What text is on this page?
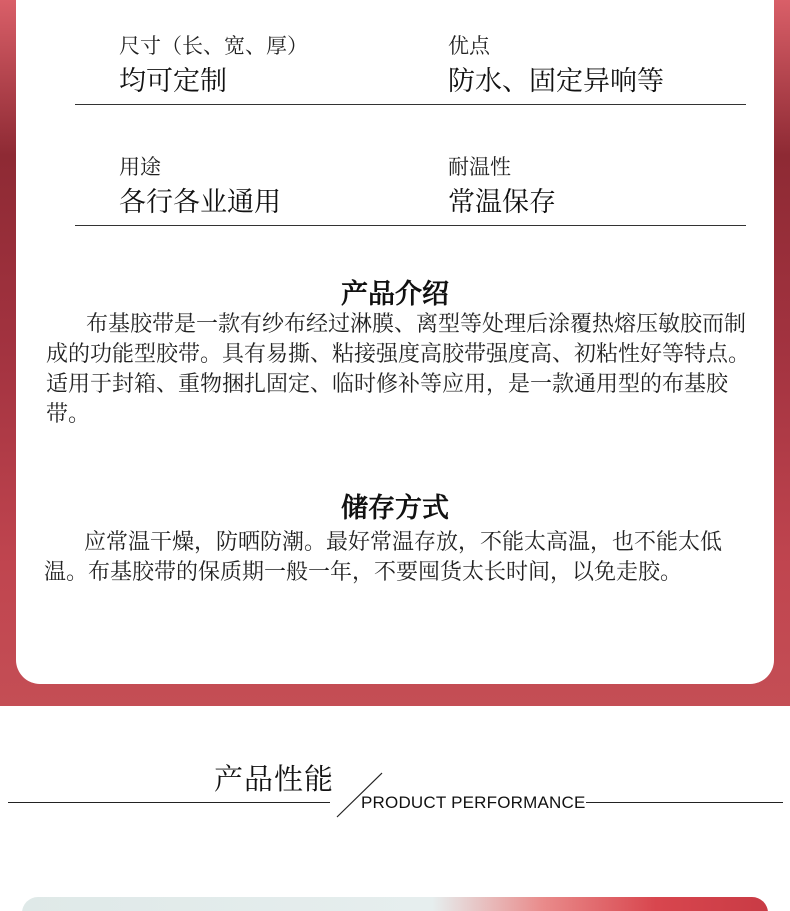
尺寸（长、宽、厚）
均可定制
优点
防水、固定异响等
用途
各行各业通用
耐温性
常温保存
产品介绍
布基胶带是一款有纱布经过淋膜、离型等处理后涂覆热熔压敏胶而制成的功能型胶带。具有易撕、粘接强度高胶带强度高、初粘性好等特点。适用于封箱、重物捆扎固定、临时修补等应用，是一款通用型的布基胶带。
储存方式
应常温干燥，防晒防潮。最好常温存放，不能太高温，也不能太低温。布基胶带的保质期一般一年，不要囤货太长时间，以免走胶。
产品性能
PRODUCT PERFORMANCE
